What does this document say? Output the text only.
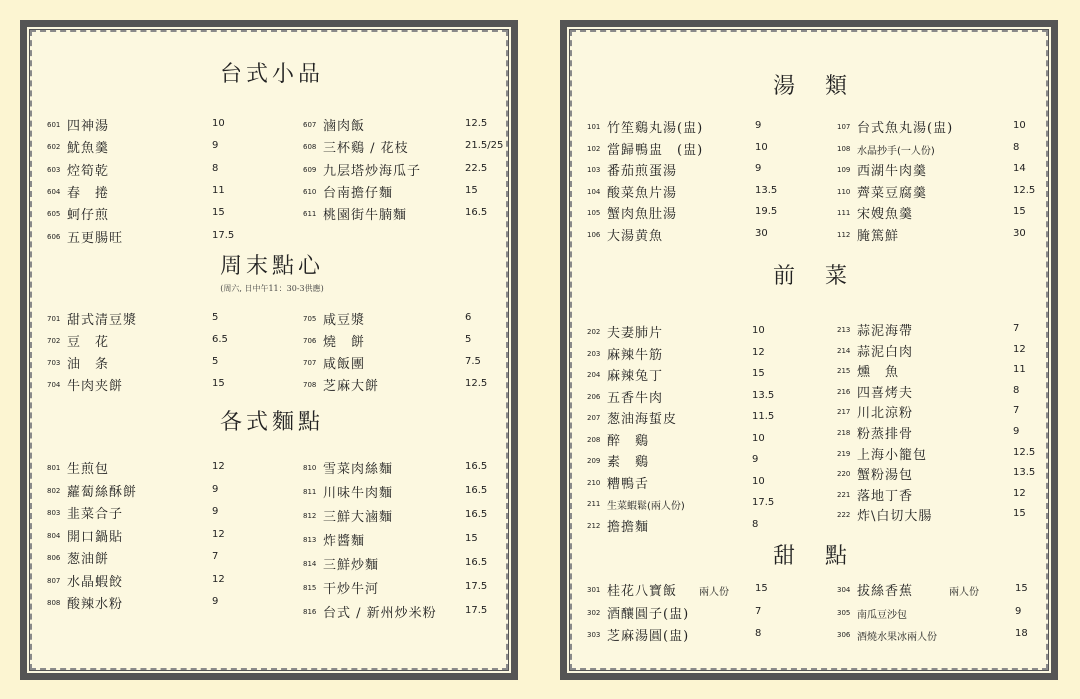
台式小品
601 四神湯	10
602 魷魚羹	9
603 焢筍乾	8
604 春　捲	11
605 蚵仔煎	15
606 五更腸旺	17.5
607 滷肉飯	12.5
608 三杯鷄 / 花枝	21.5/25
609 九层塔炒海瓜子	22.5
610 台南擔仔麵	15
611 桃園街牛腩麵	16.5
周末點心
(周六, 日中午11：30-3供應)
701 甜式清豆漿	5
702 豆　花	6.5
703 油　条	5
704 牛肉夹餅	15
705 咸豆漿	6
706 燒　餅	5
707 咸飯團	7.5
708 芝麻大餅	12.5
各式麵點
801 生煎包	12
802 蘿蔔絲酥餅	9
803 韭菜合子	9
804 開口鍋貼	12
806 葱油餅	7
807 水晶蝦餃	12
808 酸辣水粉	9
810 雪菜肉絲麵	16.5
811 川味牛肉麵	16.5
812 三鮮大滷麵	16.5
813 炸醬麵	15
814 三鮮炒麵	16.5
815 干炒牛河	17.5
816 台式 / 新州炒米粉	17.5
湯　類
101 竹笙鷄丸湯(盅)	9
102 當歸鴨盅　(盅)	10
103 番茄煎蛋湯	9
104 酸菜魚片湯	13.5
105 蟹肉魚肚湯	19.5
106 大湯黄魚	30
107 台式魚丸湯(盅)	10
108 水晶抄手(一人份)	8
109 西湖牛肉羹	14
110 薺菜豆腐羹	12.5
111 宋嫂魚羹	15
112 腌篤鮮	30
前　菜
202 夫妻肺片	10
203 麻辣牛筋	12
204 麻辣兔丁	15
206 五香牛肉	13.5
207 葱油海蜇皮	11.5
208 醉　鷄	10
209 素　鷄	9
210 糟鴨舌	10
211 生菜蝦鬆(兩人份)	17.5
212 擔擔麵	8
213 蒜泥海帶	7
214 蒜泥白肉	12
215 燻　魚	11
216 四喜烤夫	8
217 川北涼粉	7
218 粉蒸排骨	9
219 上海小籠包	12.5
220 蟹粉湯包	13.5
221 落地丁香	12
222 炸\白切大腸	15
甜　點
301 桂花八寶飯 兩人份	15
302 酒釀圓子(盅)	7
303 芝麻湯圓(盅)	8
304 拔絲香蕉	兩人份	15
305 南瓜豆沙包	9
306 酒燒水果冰兩人份	18
